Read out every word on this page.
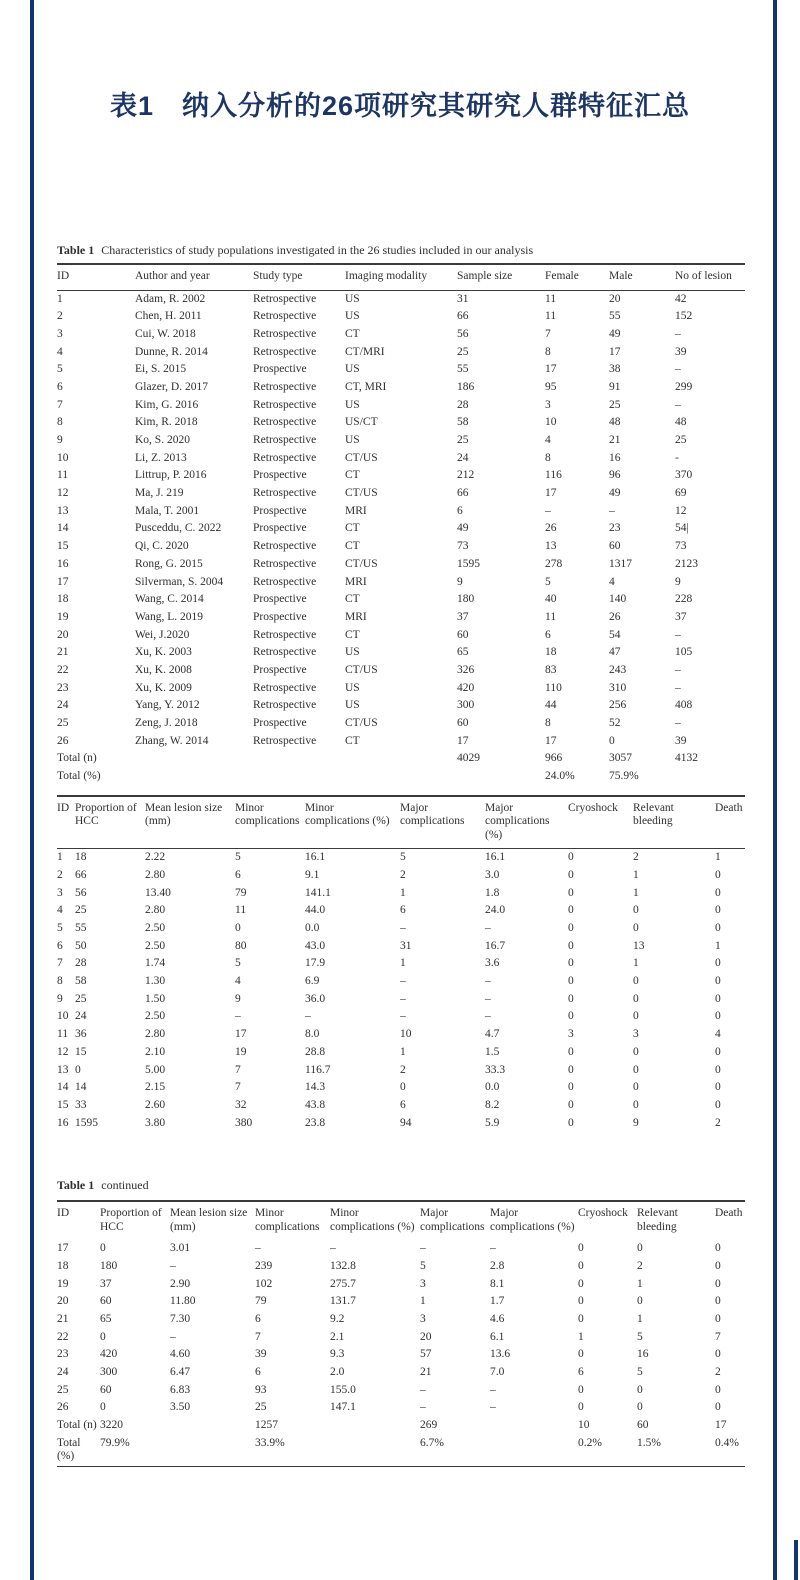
表1　纳入分析的26项研究其研究人群特征汇总

Table 1 Characteristics of study populations investigated in the 26 studies included in our analysis

ID	Author and year	Study type	Imaging modality	Sample size	Female	Male	No of lesion
1	Adam, R. 2002	Retrospective	US	31	11	20	42
2	Chen, H. 2011	Retrospective	US	66	11	55	152
3	Cui, W. 2018	Retrospective	CT	56	7	49	–
4	Dunne, R. 2014	Retrospective	CT/MRI	25	8	17	39
5	Ei, S. 2015	Prospective	US	55	17	38	–
6	Glazer, D. 2017	Retrospective	CT, MRI	186	95	91	299
7	Kim, G. 2016	Retrospective	US	28	3	25	–
8	Kim, R. 2018	Retrospective	US/CT	58	10	48	48
9	Ko, S. 2020	Retrospective	US	25	4	21	25
10	Li, Z. 2013	Retrospective	CT/US	24	8	16	-
11	Littrup, P. 2016	Prospective	CT	212	116	96	370
12	Ma, J. 219	Retrospective	CT/US	66	17	49	69
13	Mala, T. 2001	Prospective	MRI	6	–	–	12
14	Pusceddu, C. 2022	Prospective	CT	49	26	23	54|
15	Qi, C. 2020	Retrospective	CT	73	13	60	73
16	Rong, G. 2015	Retrospective	CT/US	1595	278	1317	2123
17	Silverman, S. 2004	Retrospective	MRI	9	5	4	9
18	Wang, C. 2014	Prospective	CT	180	40	140	228
19	Wang, L. 2019	Prospective	MRI	37	11	26	37
20	Wei, J.2020	Retrospective	CT	60	6	54	–
21	Xu, K. 2003	Retrospective	US	65	18	47	105
22	Xu, K. 2008	Prospective	CT/US	326	83	243	–
23	Xu, K. 2009	Retrospective	US	420	110	310	–
24	Yang, Y. 2012	Retrospective	US	300	44	256	408
25	Zeng, J. 2018	Prospective	CT/US	60	8	52	–
26	Zhang, W. 2014	Retrospective	CT	17	17	0	39
Total (n)				4029	966	3057	4132
Total (%)					24.0%	75.9%	
ID	Proportion of HCC	Mean lesion size (mm)	Minor complications	Minor complications (%)	Major complications	Major complications (%)	Cryoshock	Relevant bleeding	Death
1	18	2.22	5	16.1	5	16.1	0	2	1
2	66	2.80	6	9.1	2	3.0	0	1	0
3	56	13.40	79	141.1	1	1.8	0	1	0
4	25	2.80	11	44.0	6	24.0	0	0	0
5	55	2.50	0	0.0	–	–	0	0	0
6	50	2.50	80	43.0	31	16.7	0	13	1
7	28	1.74	5	17.9	1	3.6	0	1	0
8	58	1.30	4	6.9	–	–	0	0	0
9	25	1.50	9	36.0	–	–	0	0	0
10	24	2.50	–	–	–	–	0	0	0
11	36	2.80	17	8.0	10	4.7	3	3	4
12	15	2.10	19	28.8	1	1.5	0	0	0
13	0	5.00	7	116.7	2	33.3	0	0	0
14	14	2.15	7	14.3	0	0.0	0	0	0
15	33	2.60	32	43.8	6	8.2	0	0	0
16	1595	3.80	380	23.8	94	5.9	0	9	2

Table 1 continued

ID	Proportion of HCC	Mean lesion size (mm)	Minor complications	Minor complications (%)	Major complications	Major complications (%)	Cryoshock	Relevant bleeding	Death
17	0	3.01	–	–	–	–	0	0	0
18	180	–	239	132.8	5	2.8	0	2	0
19	37	2.90	102	275.7	3	8.1	0	1	0
20	60	11.80	79	131.7	1	1.7	0	0	0
21	65	7.30	6	9.2	3	4.6	0	1	0
22	0	–	7	2.1	20	6.1	1	5	7
23	420	4.60	39	9.3	57	13.6	0	16	0
24	300	6.47	6	2.0	21	7.0	6	5	2
25	60	6.83	93	155.0	–	–	0	0	0
26	0	3.50	25	147.1	–	–	0	0	0
Total (n)	3220		1257		269		10	60	17
Total (%)	79.9%		33.9%		6.7%		0.2%	1.5%	0.4%
